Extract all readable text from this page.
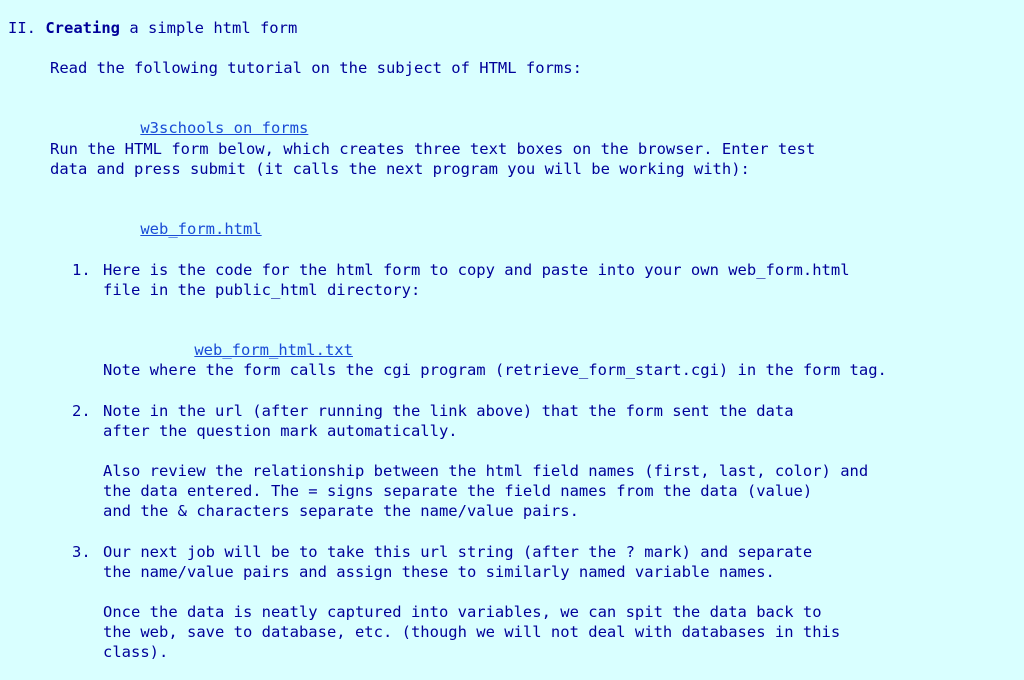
II. Creating a simple html form
Read the following tutorial on the subject of HTML forms:

w3schools on forms

Run the HTML form below, which creates three text boxes on the browser. Enter test
data and press submit (it calls the next program you will be working with):

web_form.html

1. Here is the code for the html form to copy and paste into your own web_form.html
file in the public_html directory:

web_form_html.txt

Note where the form calls the cgi program (retrieve_form_start.cgi) in the form tag.
2. Note in the url (after running the link above) that the form sent the data
after the question mark automatically.
Also review the relationship between the html field names (first, last, color) and
the data entered. The = signs separate the field names from the data (value)
and the & characters separate the name/value pairs.
3. Our next job will be to take this url string (after the ? mark) and separate
the name/value pairs and assign these to similarly named variable names.
Once the data is neatly captured into variables, we can spit the data back to
the web, save to database, etc. (though we will not deal with databases in this
class).
